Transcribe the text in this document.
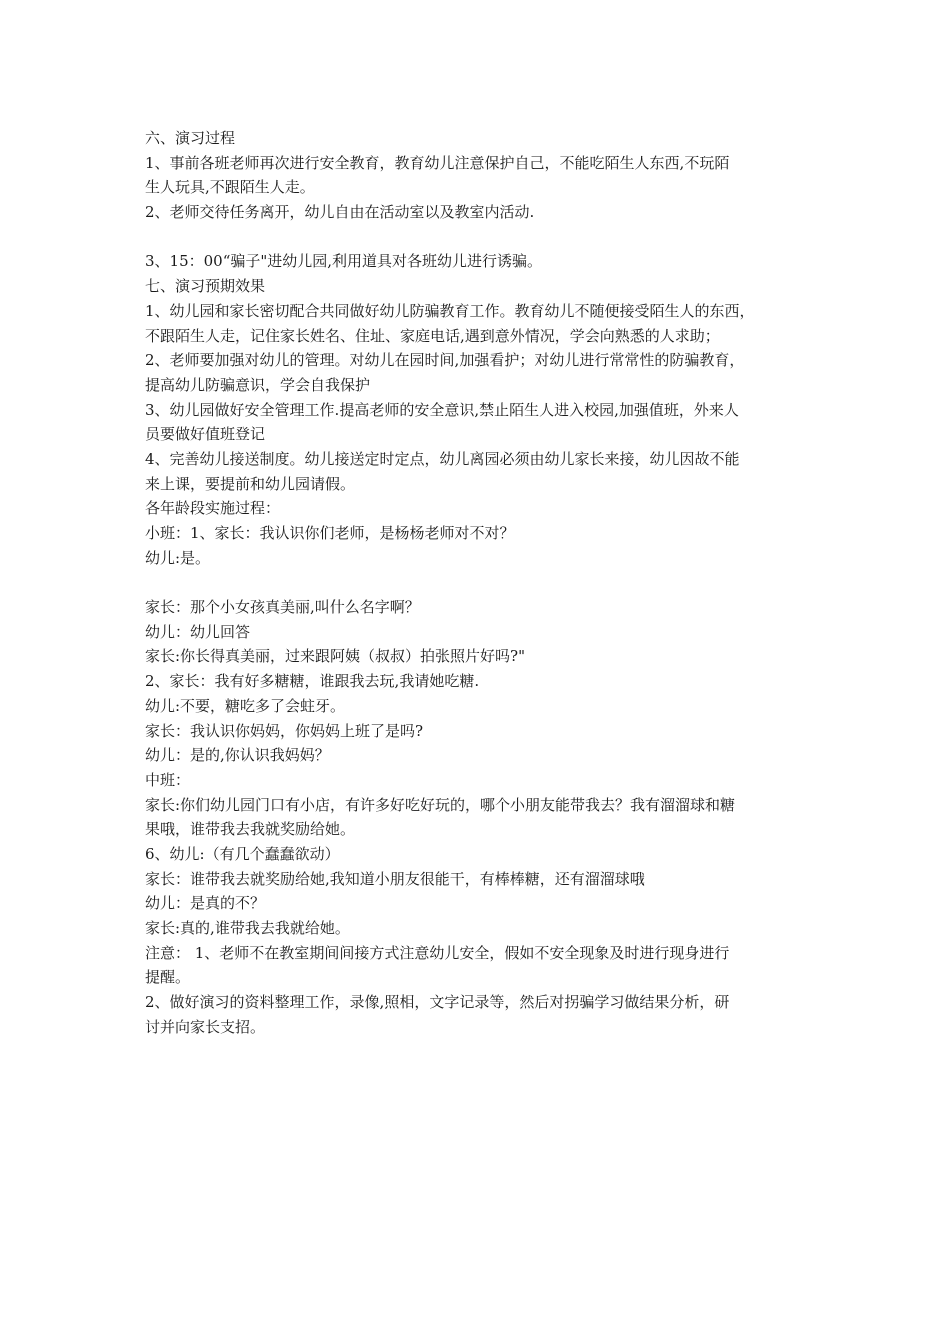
六、演习过程
1、事前各班老师再次进行安全教育，教育幼儿注意保护自己，不能吃陌生人东西,不玩陌
生人玩具,不跟陌生人走。
2、老师交待任务离开，幼儿自由在活动室以及教室内活动.
3、15：00“骗子"进幼儿园,利用道具对各班幼儿进行诱骗。
七、演习预期效果
1、幼儿园和家长密切配合共同做好幼儿防骗教育工作。教育幼儿不随便接受陌生人的东西，
不跟陌生人走，记住家长姓名、住址、家庭电话,遇到意外情况，学会向熟悉的人求助；
2、老师要加强对幼儿的管理。对幼儿在园时间,加强看护；对幼儿进行常常性的防骗教育，
提高幼儿防骗意识，学会自我保护
3、幼儿园做好安全管理工作.提高老师的安全意识,禁止陌生人进入校园,加强值班，外来人
员要做好值班登记
4、完善幼儿接送制度。幼儿接送定时定点，幼儿离园必须由幼儿家长来接，幼儿因故不能
来上课，要提前和幼儿园请假。
各年龄段实施过程：
小班：1、家长：我认识你们老师，是杨杨老师对不对？
幼儿:是。
家长：那个小女孩真美丽,叫什么名字啊？
幼儿：幼儿回答
家长:你长得真美丽，过来跟阿姨（叔叔）拍张照片好吗?"
2、家长：我有好多糖糖，谁跟我去玩,我请她吃糖.
幼儿:不要，糖吃多了会蛀牙。
家长：我认识你妈妈，你妈妈上班了是吗?
幼儿：是的,你认识我妈妈？
中班：
家长:你们幼儿园门口有小店，有许多好吃好玩的，哪个小朋友能带我去？我有溜溜球和糖
果哦，谁带我去我就奖励给她。
6、幼儿:（有几个蠢蠢欲动）
家长：谁带我去就奖励给她,我知道小朋友很能干，有棒棒糖，还有溜溜球哦
幼儿：是真的不？
家长:真的,谁带我去我就给她。
注意： 1、老师不在教室期间间接方式注意幼儿安全，假如不安全现象及时进行现身进行
提醒。
2、做好演习的资料整理工作，录像,照相，文字记录等，然后对拐骗学习做结果分析，研
讨并向家长支招。
